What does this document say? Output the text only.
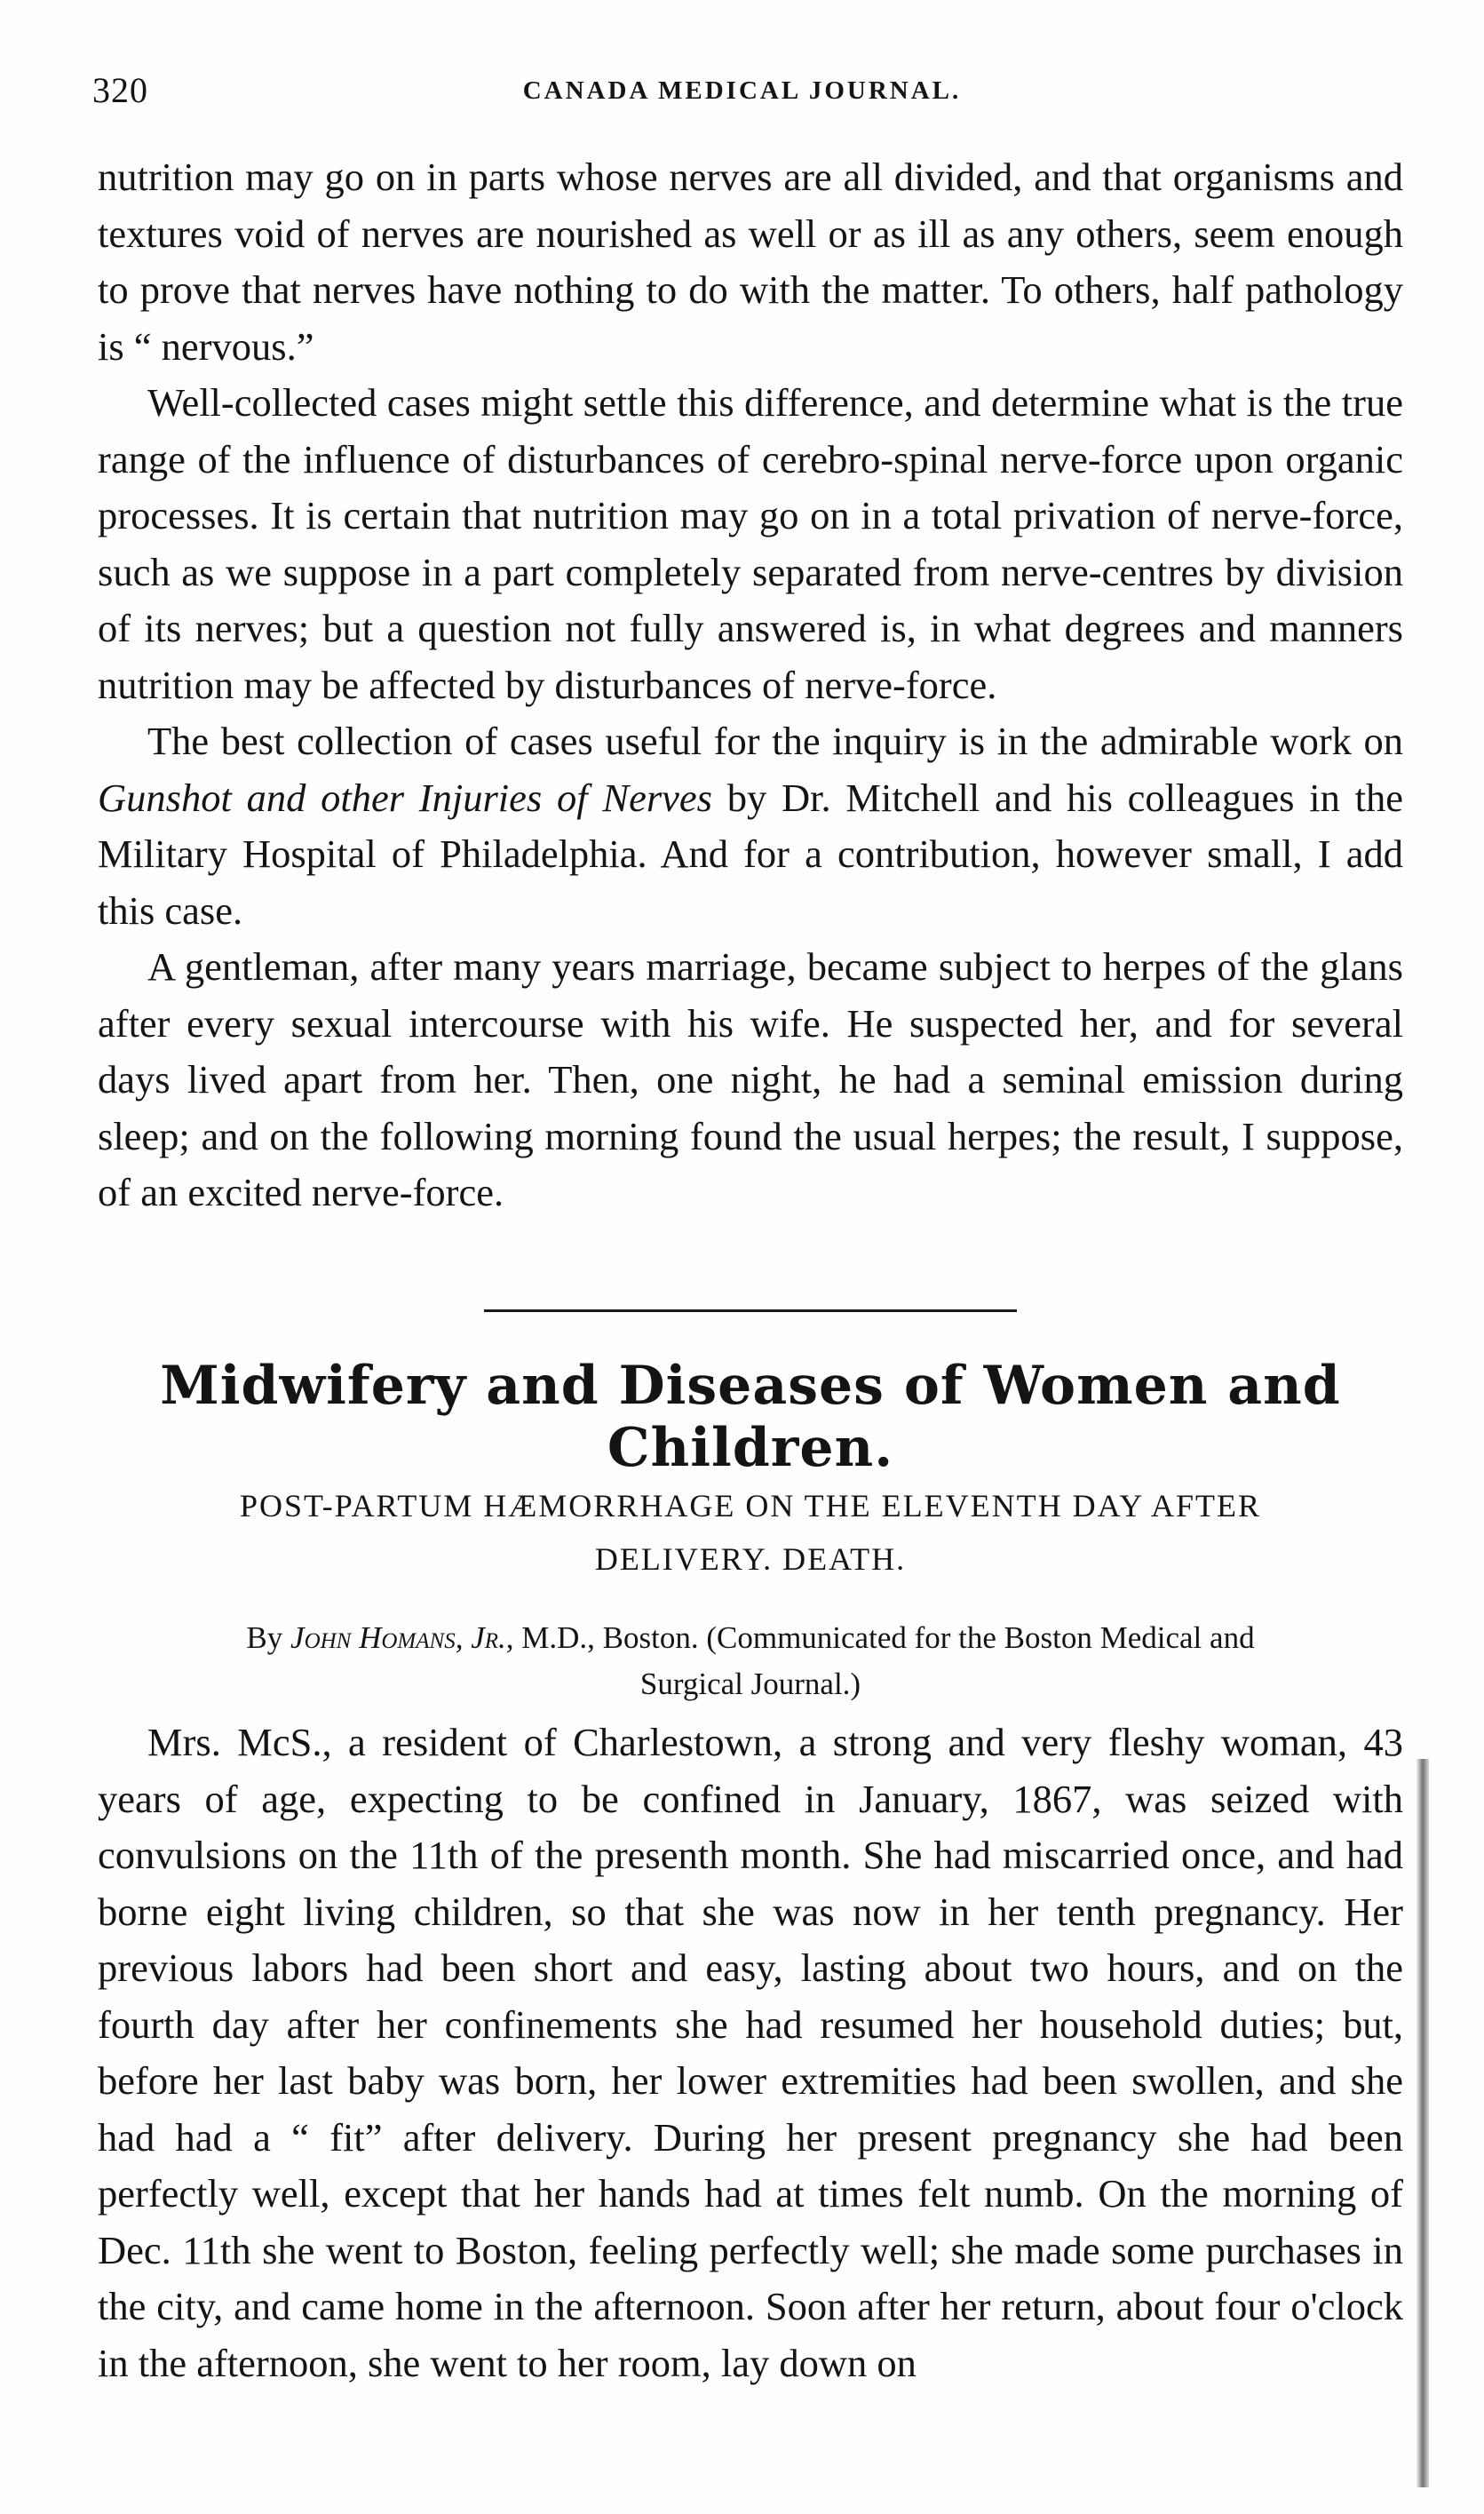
320	CANADA MEDICAL JOURNAL.

nutrition may go on in parts whose nerves are all divided, and that organisms and textures void of nerves are nourished as well or as ill as any others, seem enough to prove that nerves have nothing to do with the matter. To others, half pathology is “ nervous.”

Well-collected cases might settle this difference, and determine what is the true range of the influence of disturbances of cerebro-spinal nerve-force upon organic processes. It is certain that nutrition may go on in a total privation of nerve-force, such as we suppose in a part completely separated from nerve-centres by division of its nerves; but a question not fully answered is, in what degrees and manners nutrition may be affected by disturbances of nerve-force.

The best collection of cases useful for the inquiry is in the admirable work on Gunshot and other Injuries of Nerves by Dr. Mitchell and his colleagues in the Military Hospital of Philadelphia. And for a contribution, however small, I add this case.

A gentleman, after many years marriage, became subject to herpes of the glans after every sexual intercourse with his wife. He suspected her, and for several days lived apart from her. Then, one night, he had a seminal emission during sleep; and on the following morning found the usual herpes; the result, I suppose, of an excited nerve-force.

Midwifery and Diseases of Women and Children.
POST-PARTUM HÆMORRHAGE ON THE ELEVENTH DAY AFTER
DELIVERY. DEATH.
By John Homans, Jr., M.D., Boston. (Communicated for the Boston Medical and
Surgical Journal.)

Mrs. McS., a resident of Charlestown, a strong and very fleshy woman, 43 years of age, expecting to be confined in January, 1867, was seized with convulsions on the 11th of the presenth month. She had miscarried once, and had borne eight living children, so that she was now in her tenth pregnancy. Her previous labors had been short and easy, lasting about two hours, and on the fourth day after her confinements she had resumed her household duties; but, before her last baby was born, her lower extremities had been swollen, and she had had a “ fit” after delivery. During her present pregnancy she had been perfectly well, except that her hands had at times felt numb. On the morning of Dec. 11th she went to Boston, feeling perfectly well; she made some purchases in the city, and came home in the afternoon. Soon after her return, about four o'clock in the afternoon, she went to her room, lay down on
